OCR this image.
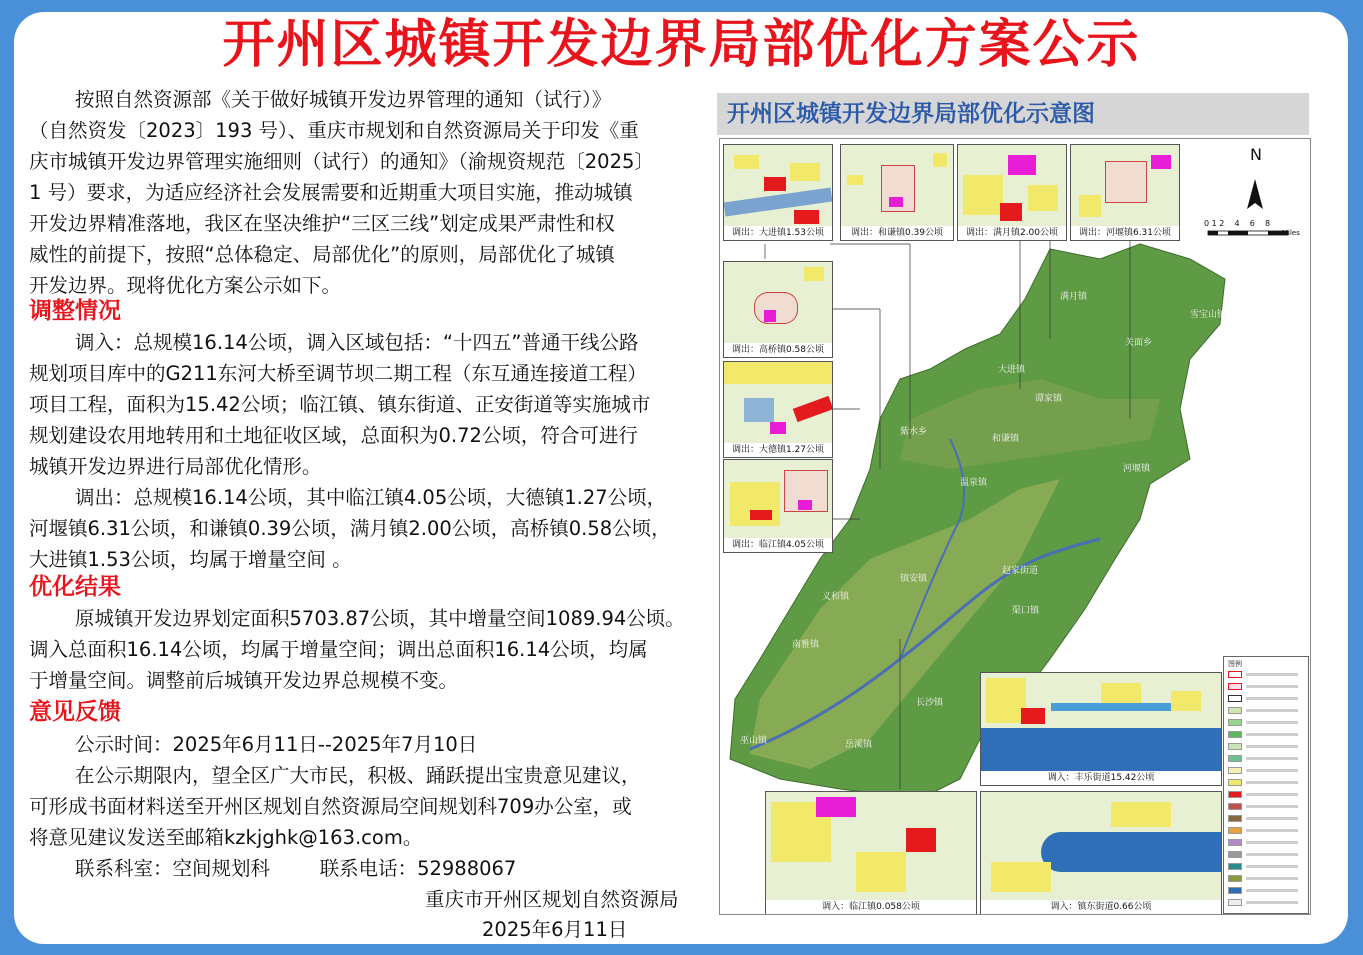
开州区城镇开发边界局部优化方案公示
按照自然资源部《关于做好城镇开发边界管理的通知（试行）》
（自然资发〔2023〕193 号）、重庆市规划和自然资源局关于印发《重
庆市城镇开发边界管理实施细则（试行）的通知》（渝规资规范〔2025〕
1 号）要求，为适应经济社会发展需要和近期重大项目实施，推动城镇
开发边界精准落地，我区在坚决维护“三区三线”划定成果严肃性和权
威性的前提下，按照“总体稳定、局部优化”的原则，局部优化了城镇
开发边界。现将优化方案公示如下。
调整情况
调入：总规模16.14公顷，调入区域包括：“十四五”普通干线公路
规划项目库中的G211东河大桥至调节坝二期工程（东互通连接道工程）
项目工程，面积为15.42公顷；临江镇、镇东街道、正安街道等实施城市
规划建设农用地转用和土地征收区域，总面积为0.72公顷，符合可进行
城镇开发边界进行局部优化情形。
调出：总规模16.14公顷，其中临江镇4.05公顷，大德镇1.27公顷，
河堰镇6.31公顷，和谦镇0.39公顷，满月镇2.00公顷，高桥镇0.58公顷，
大进镇1.53公顷，均属于增量空间 。
优化结果
原城镇开发边界划定面积5703.87公顷，其中增量空间1089.94公顷。
调入总面积16.14公顷，均属于增量空间；调出总面积16.14公顷，均属
于增量空间。调整前后城镇开发边界总规模不变。
意见反馈
公示时间：2025年6月11日--2025年7月10日
在公示期限内，望全区广大市民，积极、踊跃提出宝贵意见建议，
可形成书面材料送至开州区规划自然资源局空间规划科709办公室，或
将意见建议发送至邮箱kzkjghk@163.com。
联系科室：空间规划科        联系电话：52988067
重庆市开州区规划自然资源局
2025年6月11日
开州区城镇开发边界局部优化示意图
N
0 1 2    4    6    8
Miles
满月镇
雪宝山镇
关面乡
大进镇
谭家镇
河堰镇
和谦镇
紫水乡
温泉镇
义和镇
赵家街道
长沙镇
镇安镇
渠口镇
岳溪镇
南雅镇
巫山镇
调出：大进镇1.53公顷	调出：和谦镇0.39公顷	调出：满月镇2.00公顷	调出：河堰镇6.31公顷
调出：高桥镇0.58公顷
调出：大德镇1.27公顷
调出：临江镇4.05公顷
调入：丰乐街道15.42公顷
调入：临江镇0.058公顷	调入：镇东街道0.66公顷
图例
